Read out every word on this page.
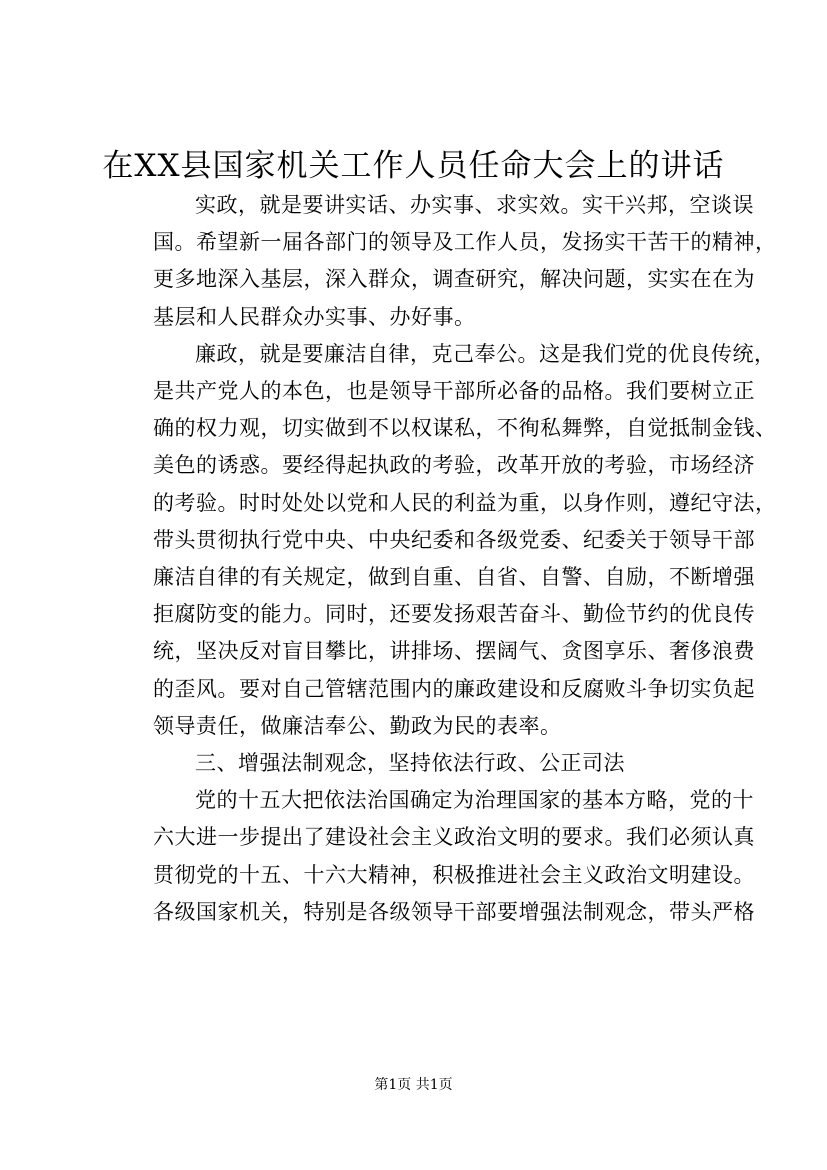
在XX县国家机关工作人员任命大会上的讲话
实政，就是要讲实话、办实事、求实效。实干兴邦，空谈误
国。希望新一届各部门的领导及工作人员，发扬实干苦干的精神，
更多地深入基层，深入群众，调查研究，解决问题，实实在在为
基层和人民群众办实事、办好事。
廉政，就是要廉洁自律，克己奉公。这是我们党的优良传统，
是共产党人的本色，也是领导干部所必备的品格。我们要树立正
确的权力观，切实做到不以权谋私，不徇私舞弊，自觉抵制金钱、
美色的诱惑。要经得起执政的考验，改革开放的考验，市场经济
的考验。时时处处以党和人民的利益为重，以身作则，遵纪守法，
带头贯彻执行党中央、中央纪委和各级党委、纪委关于领导干部
廉洁自律的有关规定，做到自重、自省、自警、自励，不断增强
拒腐防变的能力。同时，还要发扬艰苦奋斗、勤俭节约的优良传
统，坚决反对盲目攀比，讲排场、摆阔气、贪图享乐、奢侈浪费
的歪风。要对自己管辖范围内的廉政建设和反腐败斗争切实负起
领导责任，做廉洁奉公、勤政为民的表率。
三、增强法制观念，坚持依法行政、公正司法
党的十五大把依法治国确定为治理国家的基本方略，党的十
六大进一步提出了建设社会主义政治文明的要求。我们必须认真
贯彻党的十五、十六大精神，积极推进社会主义政治文明建设。
各级国家机关，特别是各级领导干部要增强法制观念，带头严格
第1页 共1页
